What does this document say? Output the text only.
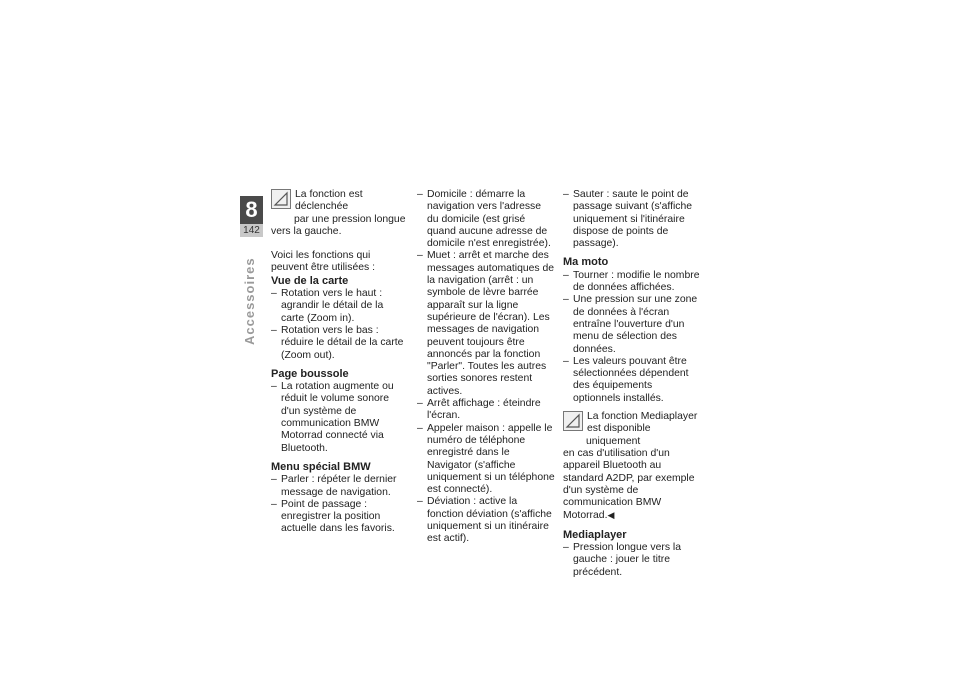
8
142
Accessoires

La fonction est déclenchée
par une pression longue
vers la gauche.

Voici les fonctions qui peuvent être utilisées :

Vue de la carte
– Rotation vers le haut : agrandir le détail de la carte (Zoom in).
– Rotation vers le bas : réduire le détail de la carte (Zoom out).
Page boussole
– La rotation augmente ou réduit le volume sonore d'un système de communication BMW Motorrad connecté via Bluetooth.
Menu spécial BMW
– Parler : répéter le dernier message de navigation.
– Point de passage : enregistrer la position actuelle dans les favoris.
– Domicile : démarre la navigation vers l'adresse du domicile (est grisé quand aucune adresse de domicile n'est enregistrée).
– Muet : arrêt et marche des messages automatiques de la navigation (arrêt : un symbole de lèvre barrée apparaît sur la ligne supérieure de l'écran). Les messages de navigation peuvent toujours être annoncés par la fonction "Parler". Toutes les autres sorties sonores restent actives.
– Arrêt affichage : éteindre l'écran.
– Appeler maison : appelle le numéro de téléphone enregistré dans le Navigator (s'affiche uniquement si un téléphone est connecté).
– Déviation : active la fonction déviation (s'affiche uniquement si un itinéraire est actif).
– Sauter : saute le point de passage suivant (s'affiche uniquement si l'itinéraire dispose de points de passage).
Ma moto
– Tourner : modifie le nombre de données affichées.
– Une pression sur une zone de données à l'écran entraîne l'ouverture d'un menu de sélection des données.
– Les valeurs pouvant être sélectionnées dépendent des équipements optionnels installés.

La fonction Mediaplayer
est disponible uniquement
en cas d'utilisation d'un appareil Bluetooth au standard A2DP, par exemple d'un système de communication BMW Motorrad.◀

Mediaplayer
– Pression longue vers la gauche : jouer le titre précédent.
